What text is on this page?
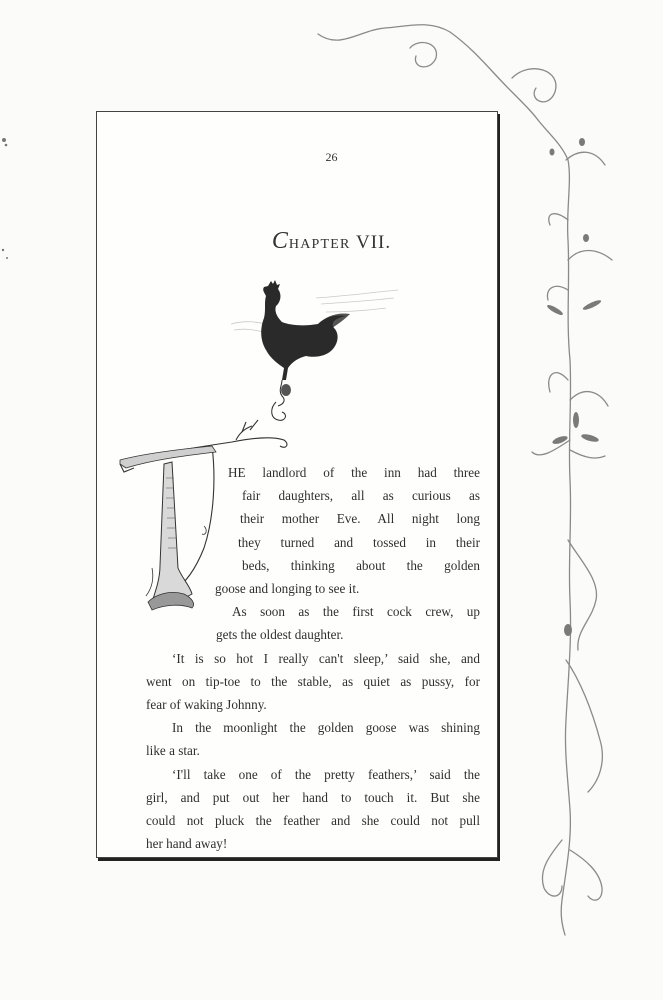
26
CHAPTER VII.
HE landlord of the inn had three
fair daughters, all as curious as
their mother Eve. All night long
they turned and tossed in their
beds, thinking about the golden
goose and longing to see it.
As soon as the first cock crew, up
gets the oldest daughter.
‘It is so hot I really can't sleep,’ said she, and
went on tip-toe to the stable, as quiet as pussy, for
fear of waking Johnny.
In the moonlight the golden goose was shining
like a star.
‘I'll take one of the pretty feathers,’ said the
girl, and put out her hand to touch it. But she
could not pluck the feather and she could not pull
her hand away!
